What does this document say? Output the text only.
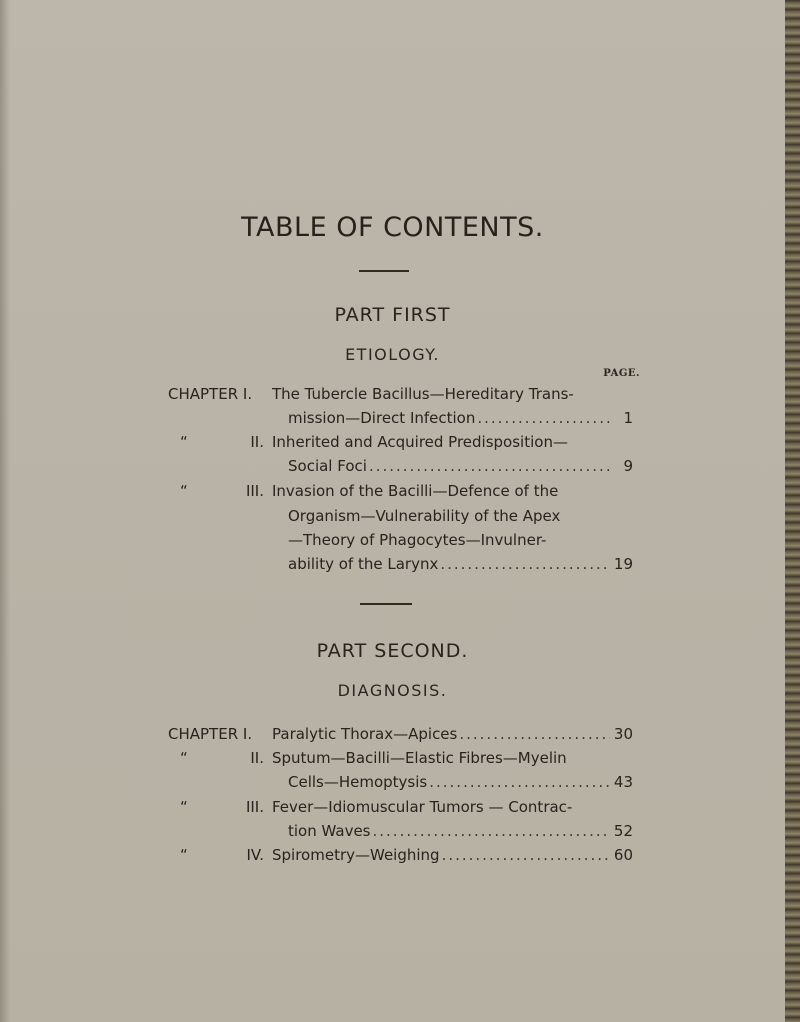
TABLE OF CONTENTS.
PART FIRST
ETIOLOGY.
PAGE.
CHAPTER I. The Tubercle Bacillus—Hereditary Trans-
mission—Direct Infection .....	1
“	II. Inherited and Acquired Predisposition—
Social Foci .....	9
“	III. Invasion of the Bacilli—Defence of the
Organism—Vulnerability of the Apex
—Theory of Phagocytes—Invulner-
ability of the Larynx .....	19
PART SECOND.
DIAGNOSIS.
CHAPTER I. Paralytic Thorax—Apices .....	30
“	II. Sputum—Bacilli—Elastic Fibres—Myelin
Cells—Hemoptysis .....	43
“	III. Fever—Idiomuscular Tumors — Contrac-
tion Waves .....	52
“	IV. Spirometry—Weighing .....	60
